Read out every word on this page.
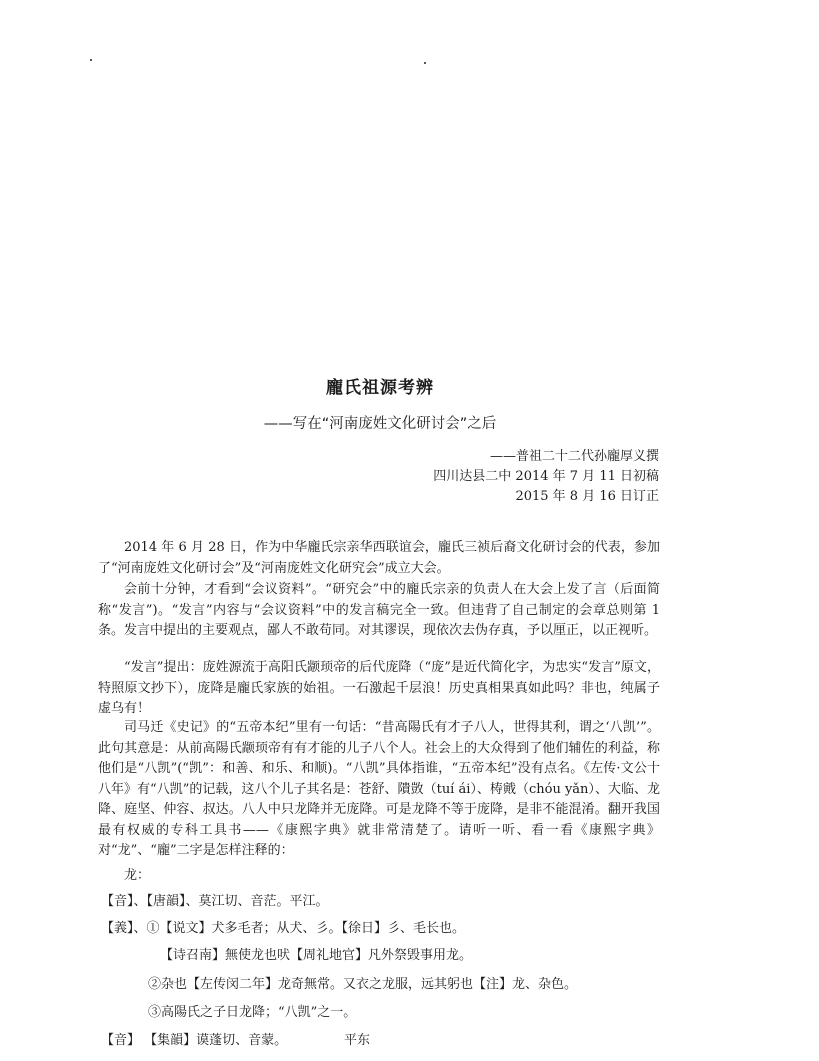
龐氏祖源考辨
——写在“河南庞姓文化研讨会”之后
——普祖二十二代孙龐厚义撰
四川达县二中 2014 年 7 月 11 日初稿
2015 年 8 月 16 日订正
2014 年 6 月 28 日，作为中华龐氏宗亲华西联谊会，龐氏三祯后裔文化研讨会的代表，参加了“河南庞姓文化研讨会”及“河南庞姓文化研究会”成立大会。
会前十分钟，才看到“会议资料”。“研究会”中的龐氏宗亲的负责人在大会上发了言（后面简称“发言”)。“发言”内容与“会议资料”中的发言稿完全一致。但违背了自己制定的会章总则第 1 条。发言中提出的主要观点，鄙人不敢苟同。对其谬误，现依次去伪存真，予以厘正，以正视听。
“发言”提出：庞姓源流于高阳氏颛顼帝的后代庞降（“庞”是近代简化字，为忠实“发言”原文，特照原文抄下），庞降是龐氏家族的始祖。一石激起千层浪！历史真相果真如此吗？非也，纯属子虚乌有！
司马迁《史记》的“五帝本纪”里有一句话：“昔高陽氏有才子八人，世得其利，谓之‘八凯’”。此句其意是：从前高陽氏颛顼帝有有才能的儿子八个人。社会上的大众得到了他们辅佐的利益，称他们是“八凯”(“凯”：和善、和乐、和顺)。“八凯”具体指谁，“五帝本纪”没有点名。《左传·文公十八年》有“八凯”的记载，这八个儿子其名是：苍舒、隤敳（tuí ái）、梼戭（chóu yǎn）、大临、龙降、庭坚、仲容、叔达。八人中只龙降并无庞降。可是龙降不等于庞降，是非不能混淆。翻开我国最有权威的专科工具书——《康熙字典》就非常清楚了。请听一听、看一看《康熙字典》对“龙”、“龐”二字是怎样注释的：
龙：
【音】、【唐韻】、莫江切、音茫。平江。
【義】、①【说文】犬多毛者；从犬、彡。【徐日】彡、毛长也。
【诗召南】無使龙也吠【周礼地官】凡外祭毁事用龙。
②杂也【左传闵二年】龙奇無常。又衣之龙服，远其躬也【注】龙、杂色。
③高陽氏之子日龙降；“八凯”之一。
【音】 【集韻】谟蓬切、音蒙。	平东
